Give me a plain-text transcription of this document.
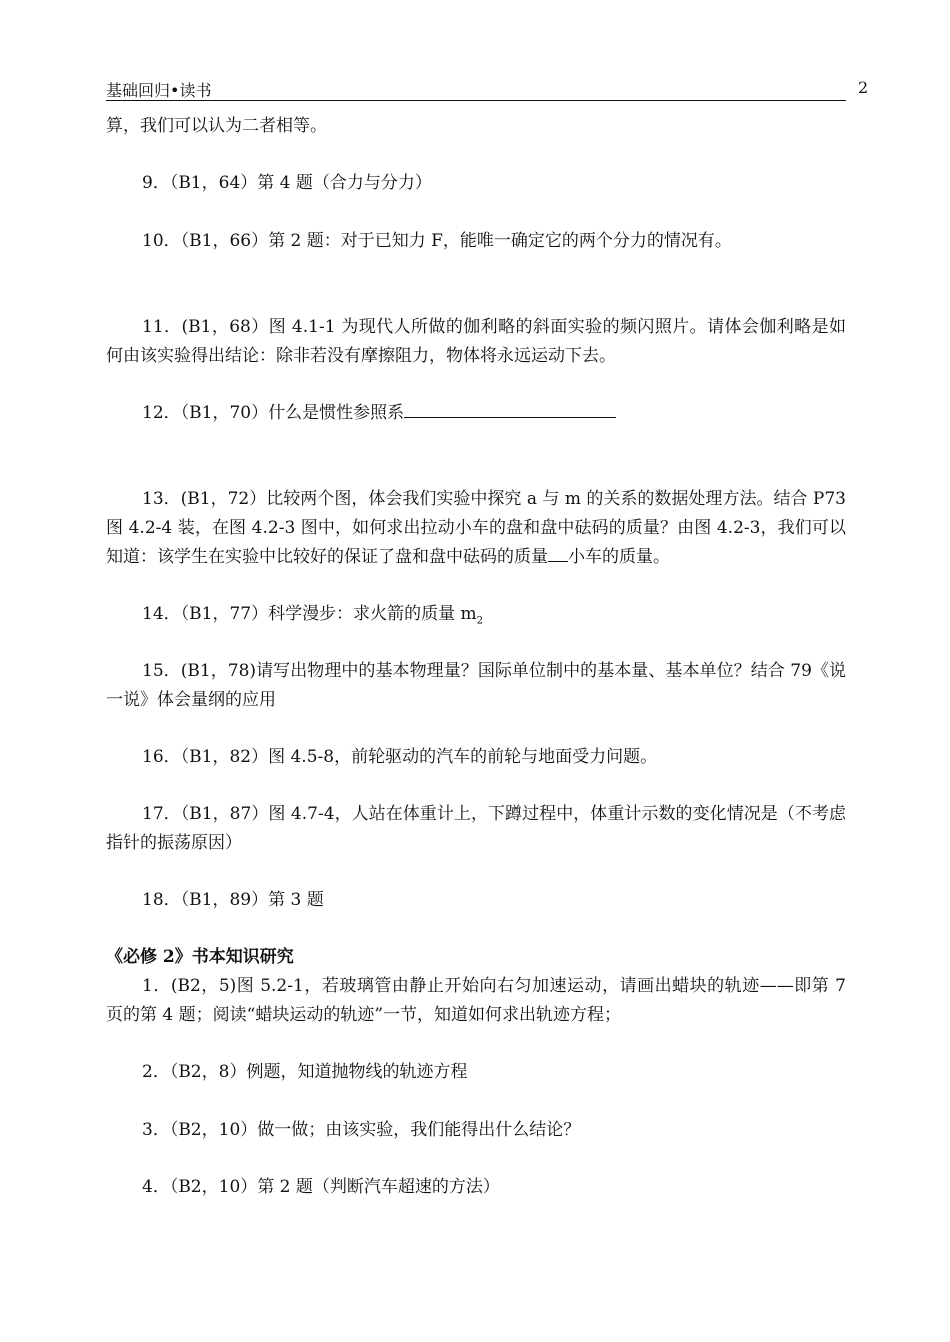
基础回归•读书	2
算，我们可以认为二者相等。
9．（B1，64）第 4 题（合力与分力）
10．（B1，66）第 2 题：对于已知力 F，能唯一确定它的两个分力的情况有。
11．(B1，68）图 4.1-1 为现代人所做的伽利略的斜面实验的频闪照片。请体会伽利略是如何由该实验得出结论：除非若没有摩擦阻力，物体将永远运动下去。
12．（B1，70）什么是惯性参照系
13．(B1，72）比较两个图，体会我们实验中探究 a 与 m 的关系的数据处理方法。结合 P73 图 4.2-4 装，在图 4.2-3 图中，如何求出拉动小车的盘和盘中砝码的质量？由图 4.2-3，我们可以知道：该学生在实验中比较好的保证了盘和盘中砝码的质量 小车的质量。
14．（B1，77）科学漫步：求火箭的质量 $m_2$
15．(B1，78)请写出物理中的基本物理量？国际单位制中的基本量、基本单位？结合 79《说一说》体会量纲的应用
16．（B1，82）图 4.5-8，前轮驱动的汽车的前轮与地面受力问题。
17．（B1，87）图 4.7-4，人站在体重计上，下蹲过程中，体重计示数的变化情况是（不考虑指针的振荡原因）
18．（B1，89）第 3 题
《必修 2》书本知识研究
1．(B2，5)图 5.2-1，若玻璃管由静止开始向右匀加速运动，请画出蜡块的轨迹——即第 7 页的第 4 题；阅读“蜡块运动的轨迹”一节，知道如何求出轨迹方程；
2．（B2，8）例题，知道抛物线的轨迹方程
3．（B2，10）做一做；由该实验，我们能得出什么结论？
4．（B2，10）第 2 题（判断汽车超速的方法）
